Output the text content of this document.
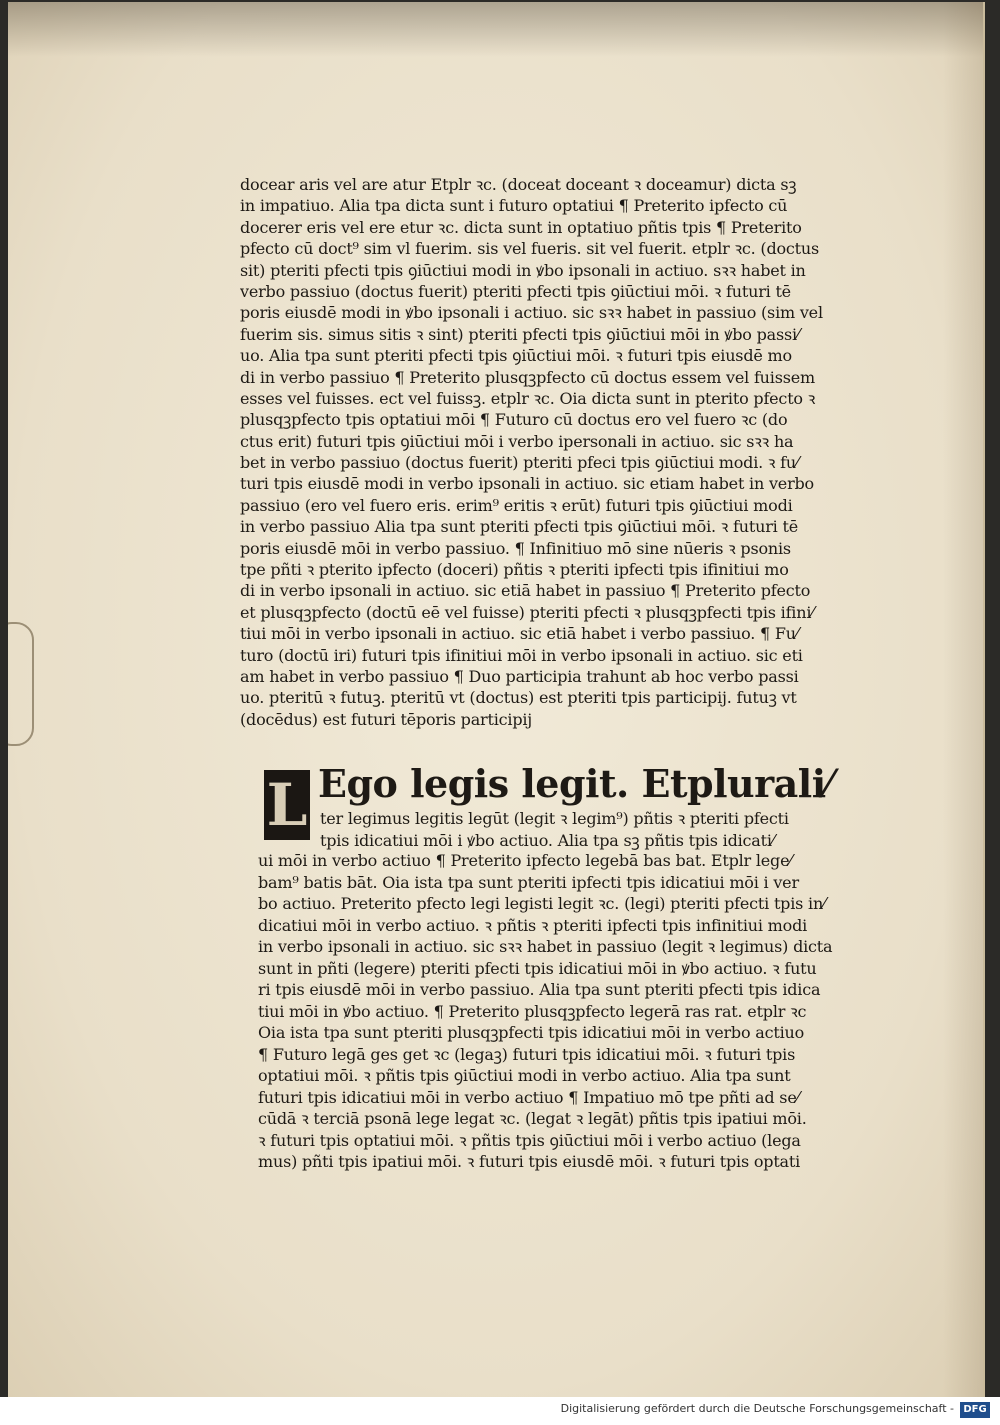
docear aris vel are atur Etplr ꝛc. (doceat doceant ꝛ doceamur) dicta sꝫ
in impatiuo. Alia tpa dicta sunt i futuro optatiui ¶ Preterito ipfecto cū
docerer eris vel ere etur ꝛc. dicta sunt in optatiuo pñtis tpis ¶ Preterito
pfecto cū doct⁹ sim vl fuerim. sis vel fueris. sit vel fuerit. etplr ꝛc. (doctus
sit) pteriti pfecti tpis ꝯiūctiui modi in ꝟbo ipsonali in actiuo. sꝛꝛ habet in
verbo passiuo (doctus fuerit) pteriti pfecti tpis ꝯiūctiui mōi. ꝛ futuri tē
poris eiusdē modi in ꝟbo ipsonali i actiuo. sic sꝛꝛ habet in passiuo (sim vel
fuerim sis. simus sitis ꝛ sint) pteriti pfecti tpis ꝯiūctiui mōi in ꝟbo passi⁄
uo. Alia tpa sunt pteriti pfecti tpis ꝯiūctiui mōi. ꝛ futuri tpis eiusdē mo
di in verbo passiuo ¶ Preterito plusqꝫpfecto cū doctus essem vel fuissem
esses vel fuisses. ect vel fuissꝫ. etplr ꝛc. Oia dicta sunt in pterito pfecto ꝛ
plusqꝫpfecto tpis optatiui mōi ¶ Futuro cū doctus ero vel fuero ꝛc (do
ctus erit) futuri tpis ꝯiūctiui mōi i verbo ipersonali in actiuo. sic sꝛꝛ ha
bet in verbo passiuo (doctus fuerit) pteriti pfeci tpis ꝯiūctiui modi. ꝛ fu⁄
turi tpis eiusdē modi in verbo ipsonali in actiuo. sic etiam habet in verbo
passiuo (ero vel fuero eris. erim⁹ eritis ꝛ erūt) futuri tpis ꝯiūctiui modi
in verbo passiuo Alia tpa sunt pteriti pfecti tpis ꝯiūctiui mōi. ꝛ futuri tē
poris eiusdē mōi in verbo passiuo. ¶ Infinitiuo mō sine nūeris ꝛ psonis
tpe pñti ꝛ pterito ipfecto (doceri) pñtis ꝛ pteriti ipfecti tpis ifinitiui mo
di in verbo ipsonali in actiuo. sic etiā habet in passiuo ¶ Preterito pfecto
et plusqꝫpfecto (doctū eē vel fuisse) pteriti pfecti ꝛ plusqꝫpfecti tpis ifini⁄
tiui mōi in verbo ipsonali in actiuo. sic etiā habet i verbo passiuo. ¶ Fu⁄
turo (doctū iri) futuri tpis ifinitiui mōi in verbo ipsonali in actiuo. sic eti
am habet in verbo passiuo ¶ Duo participia trahunt ab hoc verbo passi
uo. pteritū ꝛ futuꝫ. pteritū vt (doctus) est pteriti tpis participij. futuꝫ vt
(docēdus) est futuri tēporis participij
L Ego legis legit. Etplurali⁄
ter legimus legitis legūt (legit ꝛ legim⁹) pñtis ꝛ pteriti pfecti
tpis idicatiui mōi i ꝟbo actiuo. Alia tpa sꝫ pñtis tpis idicati⁄
ui mōi in verbo actiuo ¶ Preterito ipfecto legebā bas bat. Etplr lege⁄
bam⁹ batis bāt. Oia ista tpa sunt pteriti ipfecti tpis idicatiui mōi i ver
bo actiuo. Preterito pfecto legi legisti legit ꝛc. (legi) pteriti pfecti tpis in⁄
dicatiui mōi in verbo actiuo. ꝛ pñtis ꝛ pteriti ipfecti tpis infinitiui modi
in verbo ipsonali in actiuo. sic sꝛꝛ habet in passiuo (legit ꝛ legimus) dicta
sunt in pñti (legere) pteriti pfecti tpis idicatiui mōi in ꝟbo actiuo. ꝛ futu
ri tpis eiusdē mōi in verbo passiuo. Alia tpa sunt pteriti pfecti tpis idica
tiui mōi in ꝟbo actiuo. ¶ Preterito plusqꝫpfecto legerā ras rat. etplr ꝛc
Oia ista tpa sunt pteriti plusqꝫpfecti tpis idicatiui mōi in verbo actiuo
¶ Futuro legā ges get ꝛc (legaꝫ) futuri tpis idicatiui mōi. ꝛ futuri tpis
optatiui mōi. ꝛ pñtis tpis ꝯiūctiui modi in verbo actiuo. Alia tpa sunt
futuri tpis idicatiui mōi in verbo actiuo ¶ Impatiuo mō tpe pñti ad se⁄
cūdā ꝛ terciā psonā lege legat ꝛc. (legat ꝛ legāt) pñtis tpis ipatiui mōi.
ꝛ futuri tpis optatiui mōi. ꝛ pñtis tpis ꝯiūctiui mōi i verbo actiuo (lega
mus) pñti tpis ipatiui mōi. ꝛ futuri tpis eiusdē mōi. ꝛ futuri tpis optati
Digitalisierung gefördert durch die Deutsche Forschungsgemeinschaft - DFG
